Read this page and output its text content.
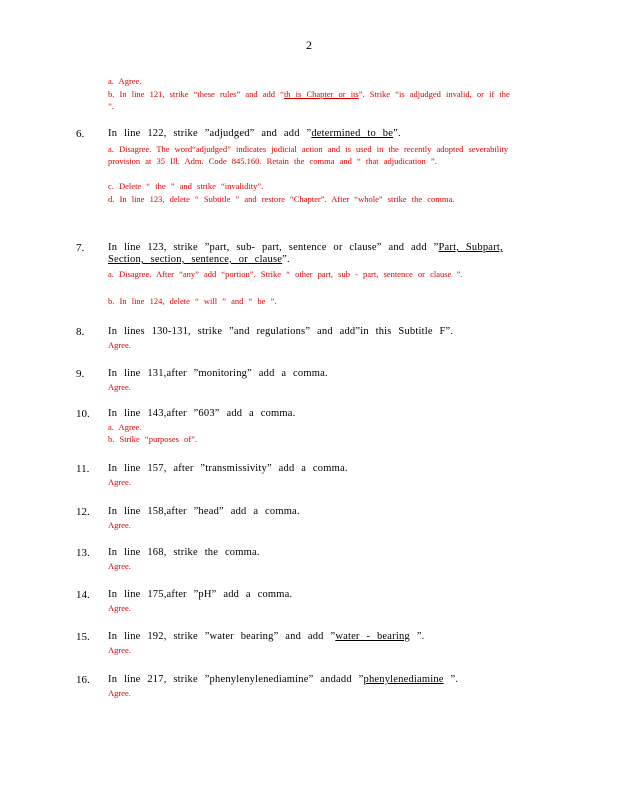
2
a. Agree.
b. In line 121, strike “these rules” and add “th is Chapter or its”. Strike “is adjudged invalid, or if the ”.
6. In line 122, strike ”adjudged” and add ”determined to be”.
a. Disagree. The word“adjudged” indicates judicial action and is used in the recently adopted severability provision at 35 Ill. Adm. Code 845.160. Retain the comma and “ that adjudication ”.
c. Delete “ the ” and strike “invalidity”.
d. In line 123, delete “ Subtitle ” and restore “Chapter”. After “whole” strike the comma.
7. In line 123, strike ”part, sub- part, sentence or clause” and add ”Part, Subpart, Section, section, sentence, or clause”.
a. Disagree. After “any” add “portion”. Strike “ other part, sub - part, sentence or clause ”.
b. In line 124, delete “ will ” and “ be ”.
8. In lines 130-131, strike ”and regulations” and add”in this Subtitle F”.
Agree.
9. In line 131,after ”monitoring” add a comma.
Agree.
10. In line 143,after ”603” add a comma.
a. Agree.
b. Strike “purposes of”.
11. In line 157, after ”transmissivity” add a comma.
Agree.
12. In line 158,after ”head” add a comma.
Agree.
13. In line 168, strike the comma.
Agree.
14. In line 175,after ”pH” add a comma.
Agree.
15. In line 192, strike ”water bearing” and add ”water - bearing ”.
Agree.
16. In line 217, strike ”phenylenylenediamine” andadd ”phenylenediamine ”.
Agree.
